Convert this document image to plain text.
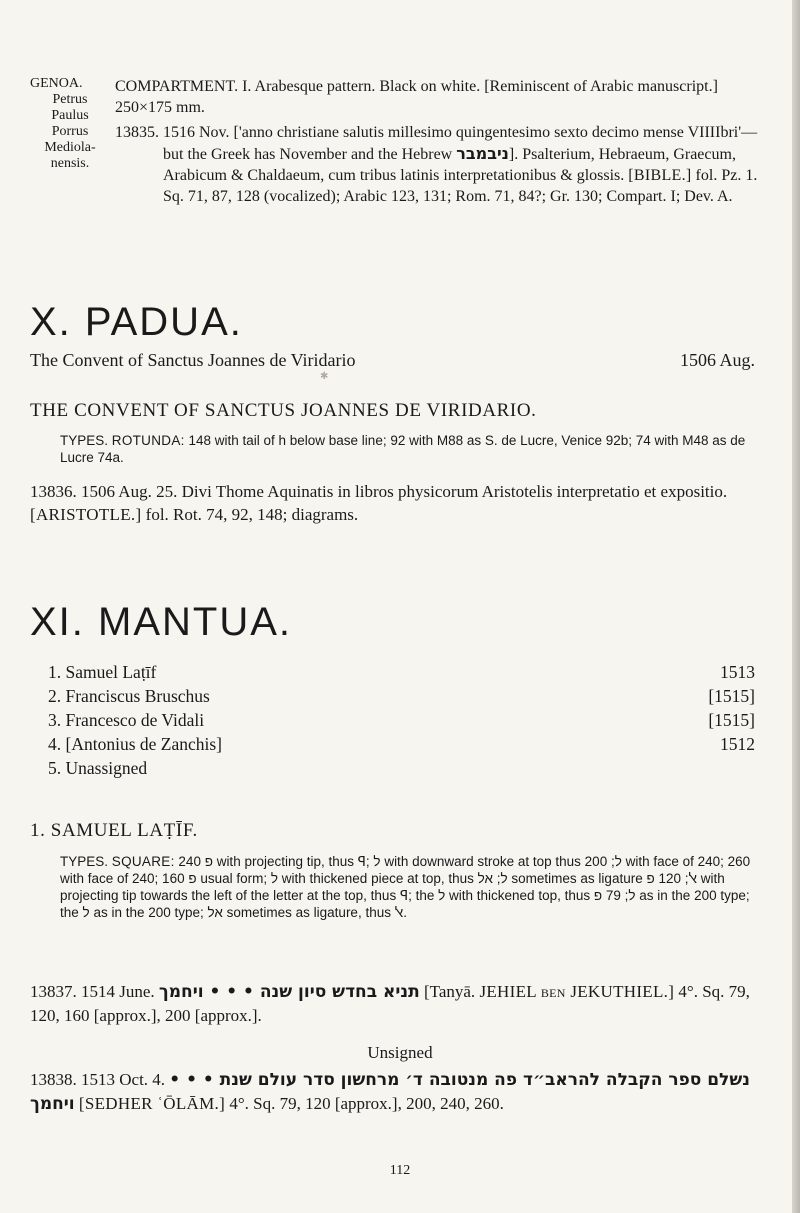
GENOA.
Petrus
Paulus
Porrus
Mediola-
nensis.

COMPARTMENT. I. Arabesque pattern. Black on white. [Reminiscent of Arabic manuscript.] 250×175 mm.

13835. 1516 Nov. ['anno christiane salutis millesimo quingentesimo sexto decimo mense VIIIIbri'—but the Greek has November and the Hebrew ניבמבר]. Psalterium, Hebraeum, Graecum, Arabicum & Chaldaeum, cum tribus latinis interpretationibus & glossis. [BIBLE.] fol. Pz. 1. Sq. 71, 87, 128 (vocalized); Arabic 123, 131; Rom. 71, 84?; Gr. 130; Compart. I; Dev. A.

X. PADUA.
The Convent of Sanctus Joannes de Viridario	1506 Aug.
✱
THE CONVENT OF SANCTUS JOANNES DE VIRIDARIO.
TYPES. ROTUNDA: 148 with tail of h below base line; 92 with M88 as S. de Lucre, Venice 92b; 74 with M48 as de Lucre 74a.
13836. 1506 Aug. 25. Divi Thome Aquinatis in libros physicorum Aristotelis interpretatio et expositio. [ARISTOTLE.] fol. Rot. 74, 92, 148; diagrams.
XI. MANTUA.
1. Samuel Laṭīf	1513
2. Franciscus Bruschus	[1515]
3. Francesco de Vidali	[1515]
4. [Antonius de Zanchis]	1512
5. Unassigned
1. SAMUEL LAṬĪF.
TYPES. SQUARE: 240 פ with projecting tip, thus ꟼ; ל with downward stroke at top thus ל; 200 with face of 240; 260 with face of 240; 160 פ usual form; ל with thickened piece at top, thus ל; אל sometimes as ligature ﭏ; 120 פ with projecting tip towards the left of the letter at the top, thus ꟼ; the ל with thickened top, thus ל; 79 פ as in the 200 type; the ל as in the 200 type; אל sometimes as ligature, thus ﭏ.
13837. 1514 June. תניא בחדש סיון שנה • • • ויחמך [Tanyā. JEHIEL ben JEKUTHIEL.] 4°. Sq. 79, 120, 160 [approx.], 200 [approx.].
Unsigned
13838. 1513 Oct. 4. נשלם ספר הקבלה להראב״ד פה מנטובה ד׳ מרחשון סדר עולם שנת • • • ויחמך [SEDHER ʿŌLĀM.] 4°. Sq. 79, 120 [approx.], 200, 240, 260.
112
